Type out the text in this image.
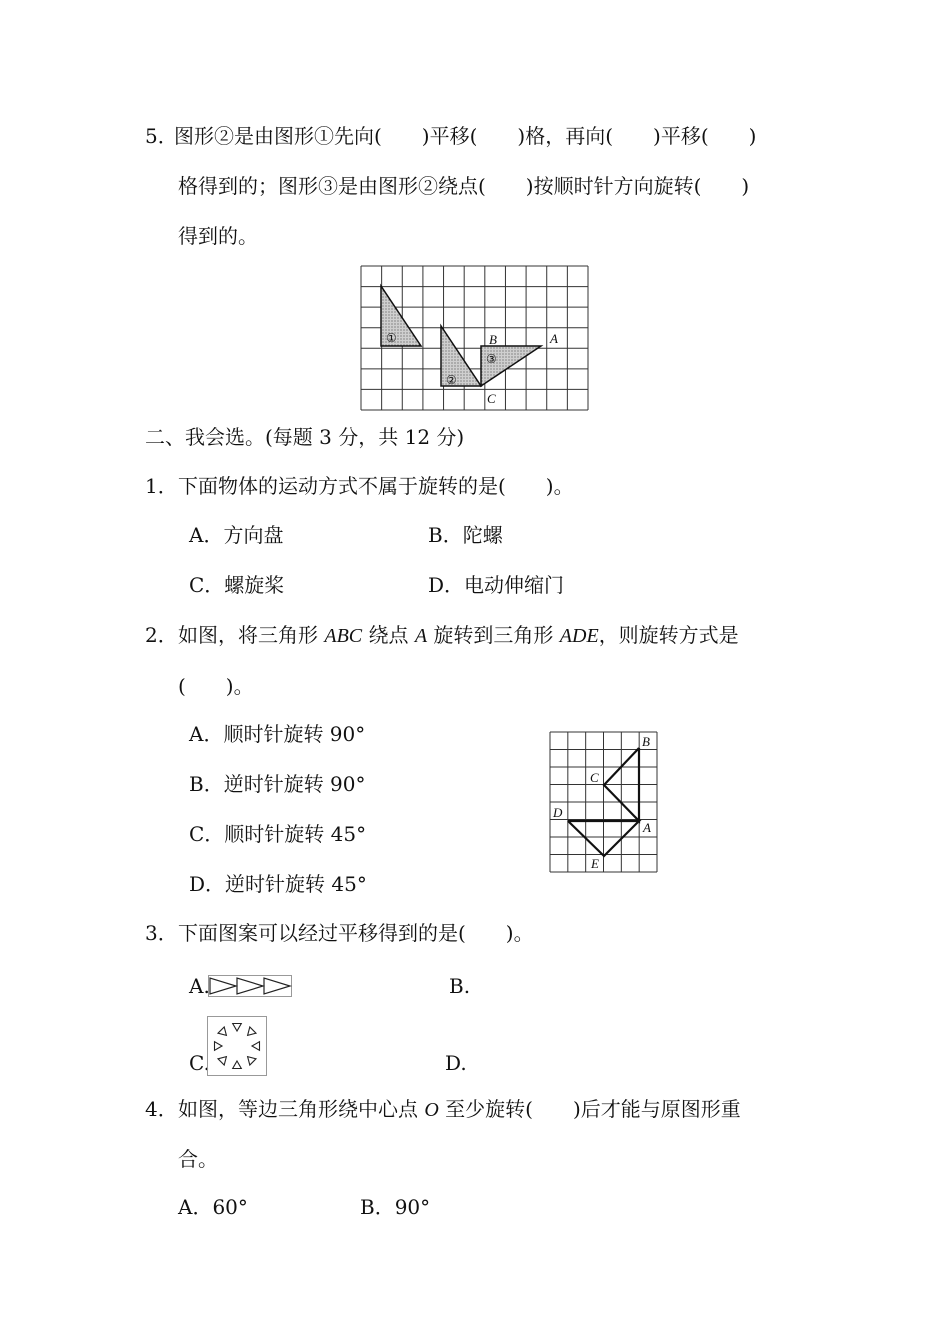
5．
图形②是由图形①先向(　　)平移(　　)格，再向(　　)平移(　　)
格得到的；图形③是由图形②绕点(　　)按顺时针方向旋转(　　)
得到的。
①
②
③
B	A
C
二、我会选。(每题 3 分，共 12 分)
1． 下面物体的运动方式不属于旋转的是(　　)。
A．方向盘	B．陀螺
C．螺旋桨	D．电动伸缩门
2． 如图，将三角形 ABC 绕点 A 旋转到三角形 ADE，则旋转方式是
(　　)。
A．顺时针旋转 90°
B．逆时针旋转 90°
C．顺时针旋转 45°
D．逆时针旋转 45°
B
C
D
A
E
3． 下面图案可以经过平移得到的是(　　)。
A.	B.
C.	D.
4． 如图，等边三角形绕中心点 O 至少旋转(　　)后才能与原图形重
合。
A．60°	B．90°
